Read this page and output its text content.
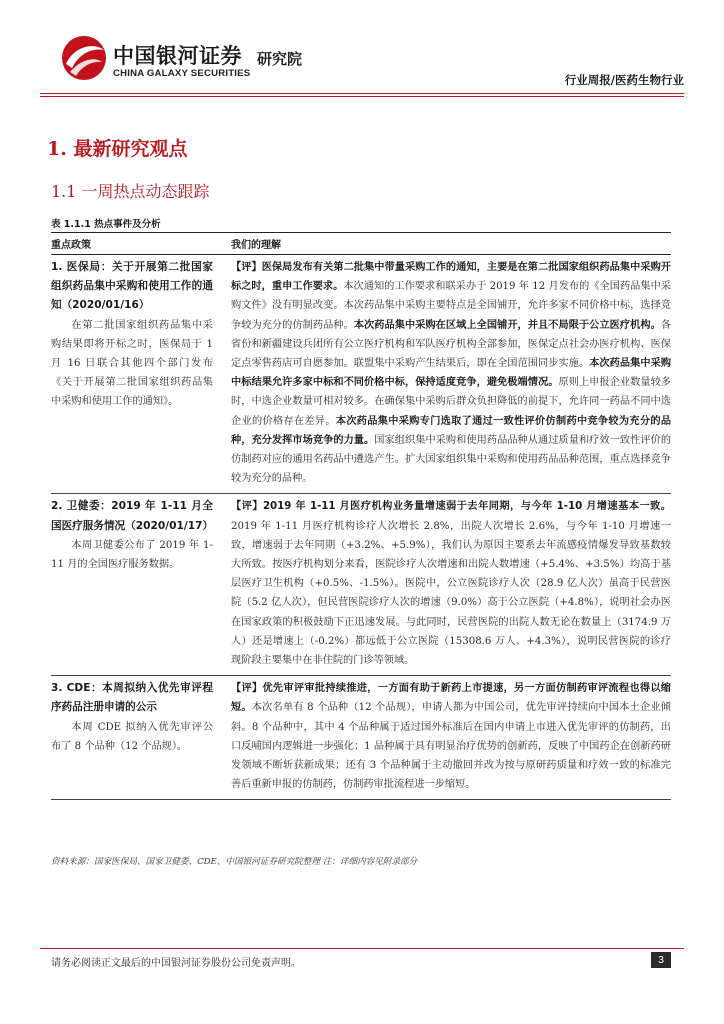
中国银河证券
CHINA GALAXY SECURITIES
研究院
行业周报/医药生物行业
1. 最新研究观点
1.1 一周热点动态跟踪
表 1.1.1 热点事件及分析
重点政策	我们的理解

1. 医保局：关于开展第二批国家组织药品集中采购和使用工作的通知（2020/01/16）
在第二批国家组织药品集中采购结果即将开标之时，医保局于 1 月 16 日联合其他四个部门发布《关于开展第二批国家组织药品集中采购和使用工作的通知》。	【评】医保局发布有关第二批集中带量采购工作的通知，主要是在第二批国家组织药品集中采购开标之时，重申工作要求。本次通知的工作要求和联采办于 2019 年 12 月发布的《全国药品集中采购文件》没有明显改变。本次药品集中采购主要特点是全国铺开，允许多家不同价格中标，选择竞争较为充分的仿制药品种。本次药品集中采购在区域上全国铺开，并且不局限于公立医疗机构。各省份和新疆建设兵团所有公立医疗机构和军队医疗机构全部参加，医保定点社会办医疗机构、医保定点零售药店可自愿参加。联盟集中采购产生结果后，即在全国范围同步实施。本次药品集中采购中标结果允许多家中标和不同价格中标，保持适度竞争，避免极端情况。原则上申报企业数量较多时，中选企业数量可相对较多。在确保集中采购后群众负担降低的前提下，允许同一药品不同中选企业的价格存在差异。本次药品集中采购专门选取了通过一致性评价仿制药中竞争较为充分的品种，充分发挥市场竞争的力量。国家组织集中采购和使用药品品种从通过质量和疗效一致性评价的仿制药对应的通用名药品中遴选产生。扩大国家组织集中采购和使用药品品种范围，重点选择竞争较为充分的品种。

2. 卫健委：2019 年 1-11 月全国医疗服务情况（2020/01/17）
本周卫健委公布了 2019 年 1-11 月的全国医疗服务数据。	【评】2019 年 1-11 月医疗机构业务量增速弱于去年同期，与今年 1-10 月增速基本一致。2019 年 1-11 月医疗机构诊疗人次增长 2.8%，出院人次增长 2.6%，与今年 1-10 月增速一致，增速弱于去年同期（+3.2%、+5.9%），我们认为原因主要系去年流感疫情爆发导致基数较大所致。按医疗机构划分来看，医院诊疗人次增速和出院人数增速（+5.4%、+3.5%）均高于基层医疗卫生机构（+0.5%、-1.5%）。医院中，公立医院诊疗人次（28.9 亿人次）虽高于民营医院（5.2 亿人次），但民营医院诊疗人次的增速（9.0%）高于公立医院（+4.8%），说明社会办医在国家政策的积极鼓励下正迅速发展。与此同时，民营医院的出院人数无论在数量上（3174.9 万人）还是增速上（-0.2%）都远低于公立医院（15308.6 万人、+4.3%），说明民营医院的诊疗现阶段主要集中在非住院的门诊等领域。

3. CDE：本周拟纳入优先审评程序药品注册申请的公示
本周 CDE 拟纳入优先审评公布了 8 个品种（12 个品规）。	【评】优先审评审批持续推进，一方面有助于新药上市提速，另一方面仿制药审评流程也得以缩短。本次名单有 8 个品种（12 个品规），申请人都为中国公司，优先审评持续向中国本土企业倾斜。8 个品种中，其中 4 个品种属于适过国外标准后在国内申请上市进入优先审评的仿制药，出口反哺国内逻辑进一步强化；1 品种属于具有明显治疗优势的创新药，反映了中国药企在创新药研发领域不断斩获新成果；还有 3 个品种属于主动撤回并改为按与原研药质量和疗效一致的标准完善后重新申报的仿制药，仿制药审批流程进一步缩短。
资料来源：国家医保局、国家卫健委、CDE、中国银河证券研究院整理 注：详细内容见附录部分
请务必阅读正文最后的中国银河证券股份公司免责声明。	3
